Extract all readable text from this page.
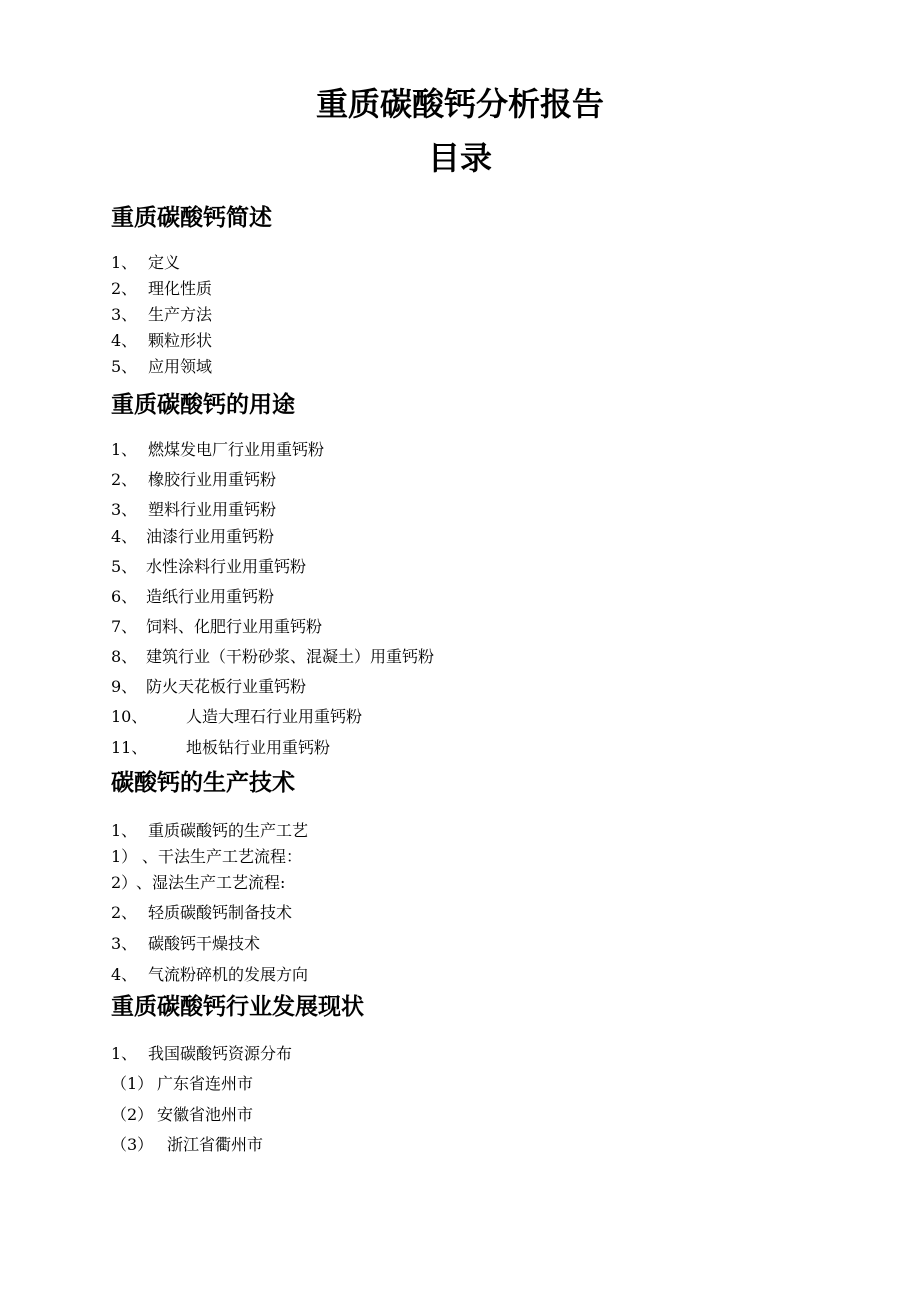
重质碳酸钙分析报告
目录
重质碳酸钙简述
1、 定义
2、 理化性质
3、 生产方法
4、 颗粒形状
5、 应用领域
重质碳酸钙的用途
1、 燃煤发电厂行业用重钙粉
2、 橡胶行业用重钙粉
3、 塑料行业用重钙粉
4、 油漆行业用重钙粉
5、 水性涂料行业用重钙粉
6、 造纸行业用重钙粉
7、 饲料、化肥行业用重钙粉
8、 建筑行业（干粉砂浆、混凝土）用重钙粉
9、 防火天花板行业重钙粉
10、 人造大理石行业用重钙粉
11、 地板钻行业用重钙粉
碳酸钙的生产技术
1、 重质碳酸钙的生产工艺
1） 、干法生产工艺流程：
2）、湿法生产工艺流程:
2、 轻质碳酸钙制备技术
3、 碳酸钙干燥技术
4、 气流粉碎机的发展方向
重质碳酸钙行业发展现状
1、 我国碳酸钙资源分布
（1） 广东省连州市
（2） 安徽省池州市
（3） 浙江省衢州市
